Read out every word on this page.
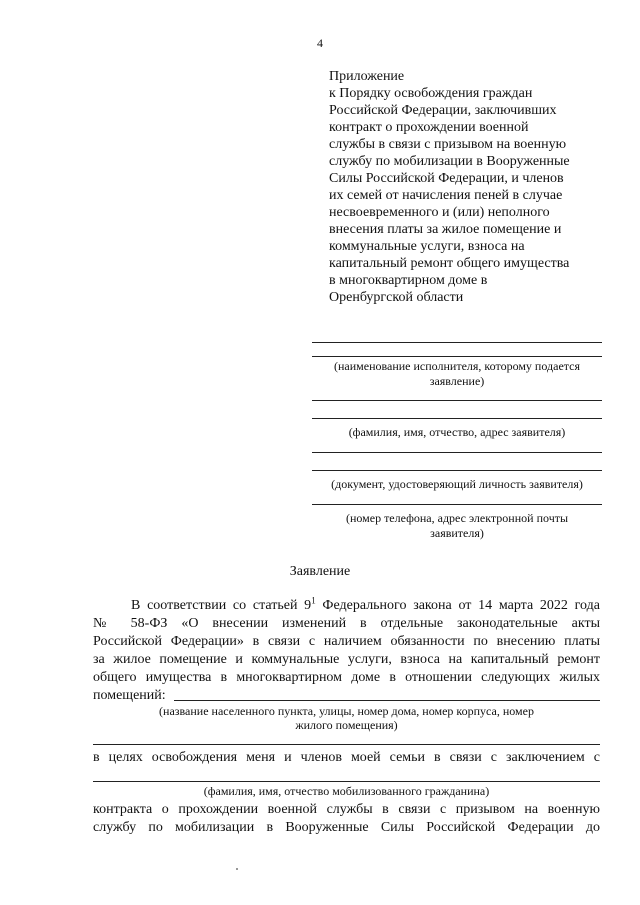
4
Приложение
к Порядку освобождения граждан
Российской Федерации, заключивших
контракт о прохождении военной
службы в связи с призывом на военную
службу по мобилизации в Вооруженные
Силы Российской Федерации, и членов
их семей от начисления пеней в случае
несвоевременного и (или) неполного
внесения платы за жилое помещение и
коммунальные услуги, взноса на
капитальный ремонт общего имущества
в многоквартирном доме в
Оренбургской области
(наименование исполнителя, которому подается
заявление)
(фамилия, имя, отчество, адрес заявителя)
(документ, удостоверяющий личность заявителя)
(номер телефона, адрес электронной почты
заявителя)
Заявление
В соответствии со статьей $9^1$ Федерального закона от 14 марта 2022 года
№ 58-ФЗ «О внесении изменений в отдельные законодательные акты
Российской Федерации» в связи с наличием обязанности по внесению платы
за жилое помещение и коммунальные услуги, взноса на капитальный ремонт
общего имущества в многоквартирном доме в отношении следующих жилых
помещений:
(название населенного пункта, улицы, номер дома, номер корпуса, номер
жилого помещения)
в целях освобождения меня и членов моей семьи в связи с заключением с
(фамилия, имя, отчество мобилизованного гражданина)
контракта о прохождении военной службы в связи с призывом на военную
службу по мобилизации в Вооруженные Силы Российской Федерации до
